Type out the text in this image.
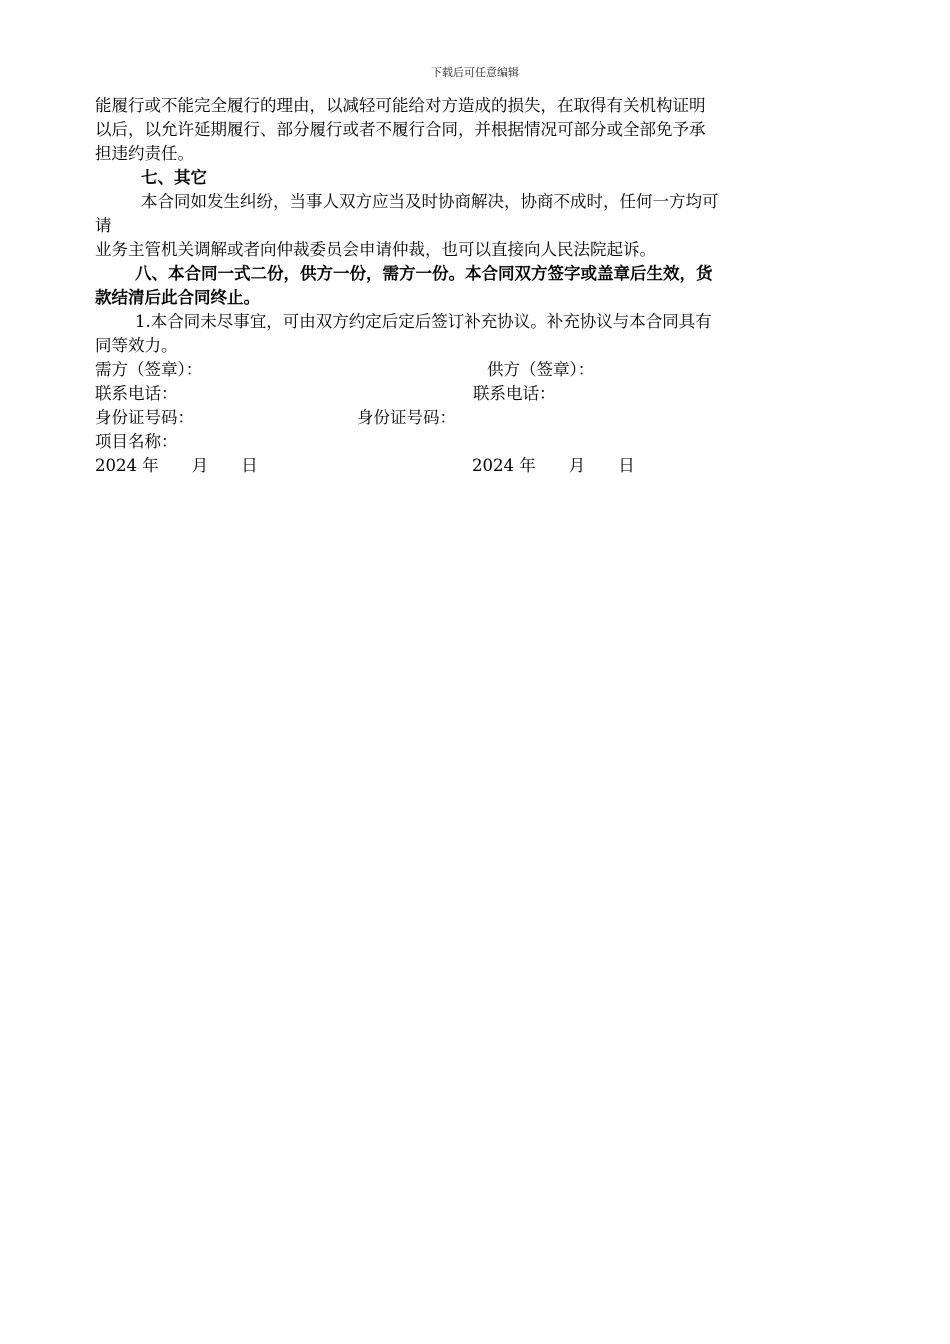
下载后可任意编辑
能履行或不能完全履行的理由，以减轻可能给对方造成的损失，在取得有关机构证明
以后，以允许延期履行、部分履行或者不履行合同，并根据情况可部分或全部免予承
担违约责任。
七、其它
本合同如发生纠纷，当事人双方应当及时协商解决，协商不成时，任何一方均可
请
业务主管机关调解或者向仲裁委员会申请仲裁，也可以直接向人民法院起诉。
八、本合同一式二份，供方一份，需方一份。本合同双方签字或盖章后生效，货
款结清后此合同终止。
1.本合同未尽事宜，可由双方约定后定后签订补充协议。补充协议与本合同具有
同等效力。
需方（签章）：	供方（签章）：
联系电话：	联系电话：
身份证号码：	身份证号码：
项目名称：
2024 年　　月　　日	2024 年　　月　　日
